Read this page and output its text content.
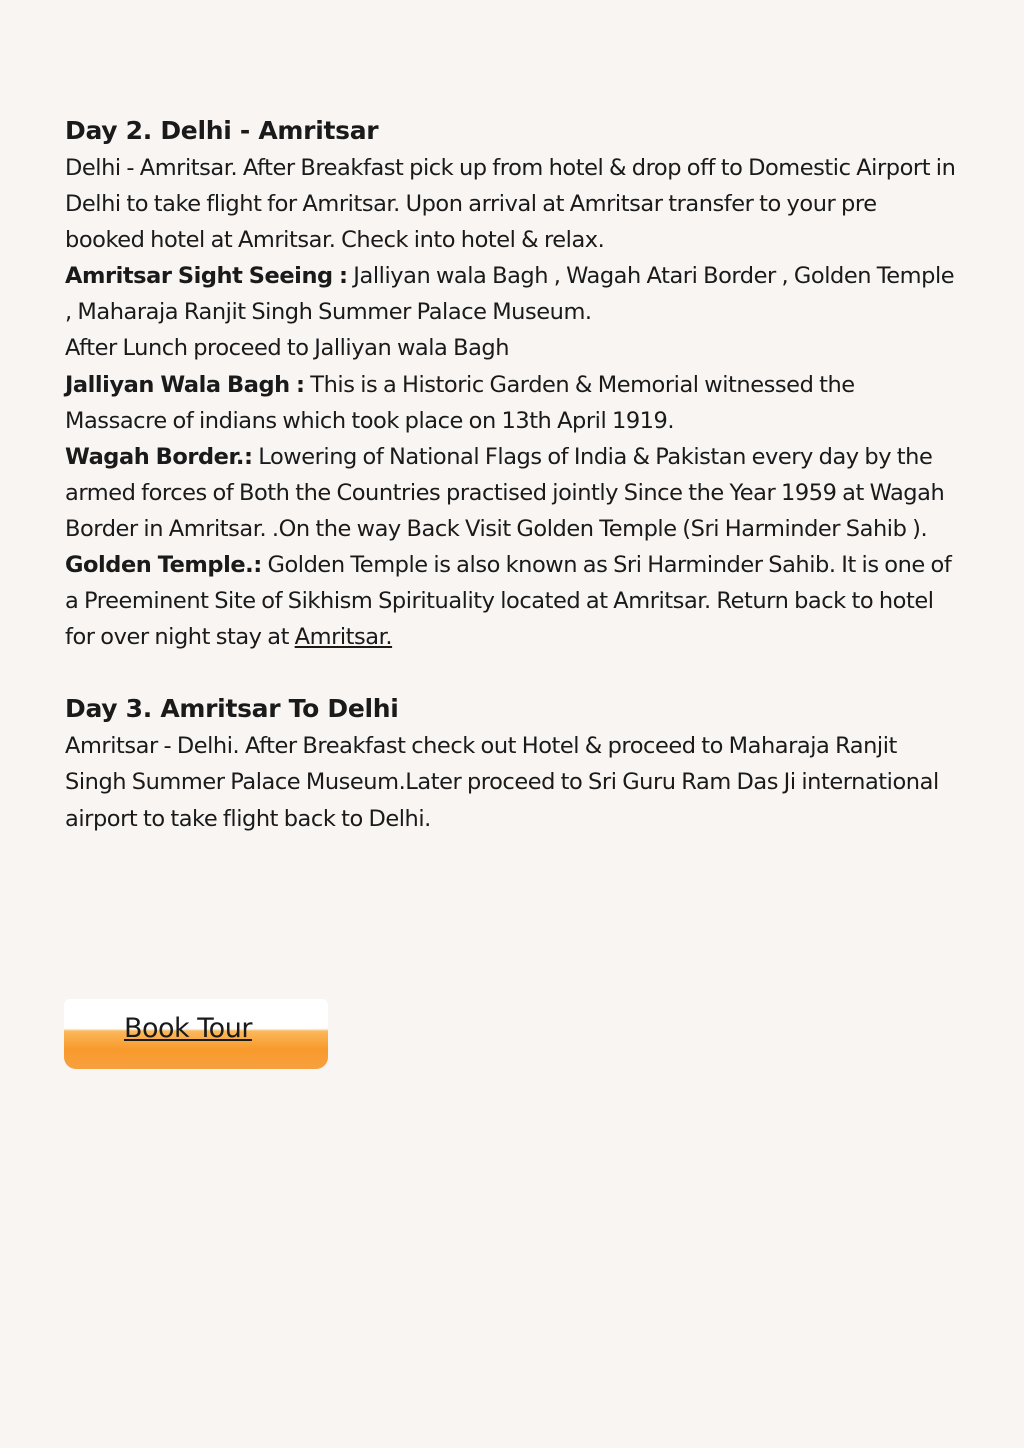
Day 2. Delhi - Amritsar

Delhi - Amritsar. After Breakfast pick up from hotel & drop off to Domestic Airport in Delhi to take flight for Amritsar. Upon arrival at Amritsar transfer to your pre booked hotel at Amritsar. Check into hotel & relax.

Amritsar Sight Seeing : Jalliyan wala Bagh , Wagah Atari Border , Golden Temple , Maharaja Ranjit Singh Summer Palace Museum.

After Lunch proceed to Jalliyan wala Bagh

Jalliyan Wala Bagh : This is a Historic Garden & Memorial witnessed the Massacre of indians which took place on 13th April 1919.

Wagah Border.: Lowering of National Flags of India & Pakistan every day by the armed forces of Both the Countries practised jointly Since the Year 1959 at Wagah Border in Amritsar. .On the way Back Visit Golden Temple (Sri Harminder Sahib ).

Golden Temple.: Golden Temple is also known as Sri Harminder Sahib. It is one of a Preeminent Site of Sikhism Spirituality located at Amritsar. Return back to hotel for over night stay at Amritsar.

Day 3. Amritsar To Delhi

Amritsar - Delhi. After Breakfast check out Hotel & proceed to Maharaja Ranjit Singh Summer Palace Museum.Later proceed to Sri Guru Ram Das Ji international airport to take flight back to Delhi.

Book Tour
